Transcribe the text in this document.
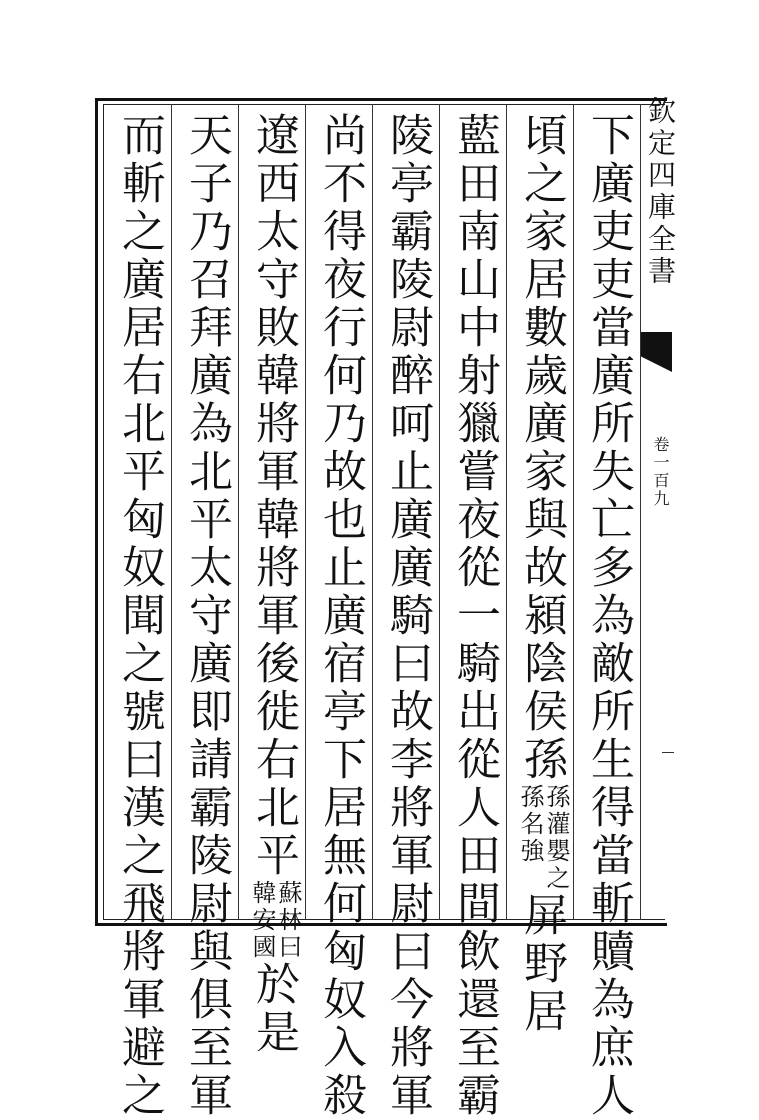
欽定四庫全書
卷一百九
下廣吏吏當廣所失亡多為敵所生得當斬贖為庶人
頃之家居數歲廣家與故潁陰侯孫
孫灌嬰之
孫名強
屏野居
藍田南山中射獵嘗夜從一騎出從人田間飲還至霸
陵亭霸陵尉醉呵止廣廣騎曰故李將軍尉曰今將軍
尚不得夜行何乃故也止廣宿亭下居無何匈奴入殺
遼西太守敗韓將軍韓將軍後徙右北平
蘇林曰
韓安國
於是
天子乃召拜廣為北平太守廣即請霸陵尉與俱至軍
而斬之廣居右北平匈奴聞之號曰漢之飛將軍避之
